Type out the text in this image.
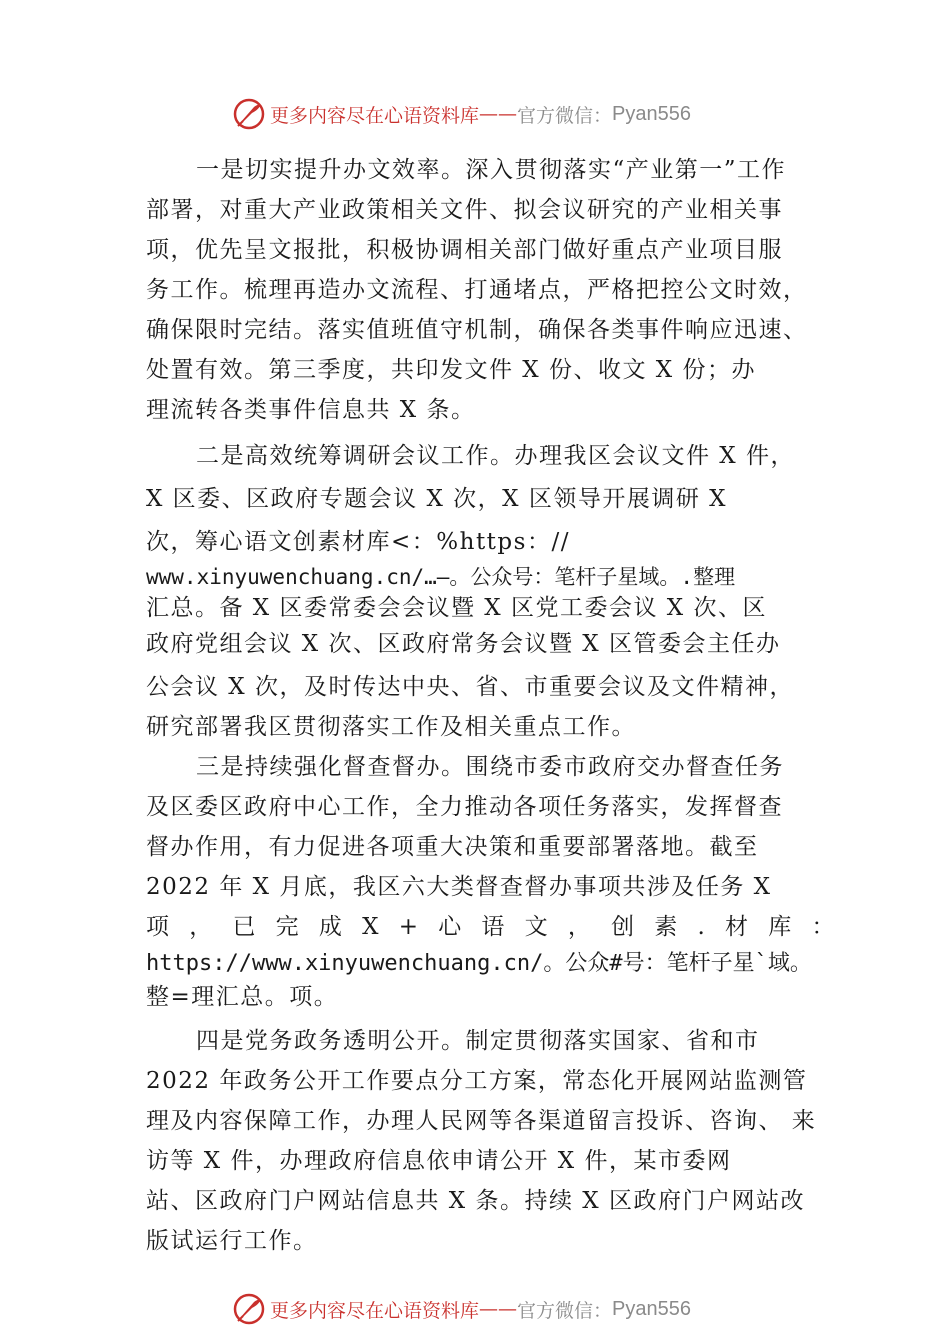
更多内容尽在心语资料库 —— 官方微信： Pyan556
一是切实提升办文效率。深入贯彻落实“产业第一”工作
部署，对重大产业政策相关文件、拟会议研究的产业相关事
项，优先呈文报批，积极协调相关部门做好重点产业项目服
务工作。梳理再造办文流程、打通堵点，严格把控公文时效，
确保限时完结。落实值班值守机制，确保各类事件响应迅速、
处置有效。第三季度，共印发文件 X 份、收文 X 份；办
理流转各类事件信息共 X 条。
二是高效统筹调研会议工作。办理我区会议文件 X 件，
X 区委、区政府专题会议 X 次，X 区领导开展调研 X
次，筹心语文创素材库<：%https：//
www.xinyuwenchuang.cn/…—。公众号：笔杆子星域。.整理
汇总。备 X 区委常委会会议暨 X 区党工委会议 X 次、区
政府党组会议 X 次、区政府常务会议暨 X 区管委会主任办
公会议 X 次，及时传达中央、省、市重要会议及文件精神，
研究部署我区贯彻落实工作及相关重点工作。
三是持续强化督查督办。围绕市委市政府交办督查任务
及区委区政府中心工作，全力推动各项任务落实，发挥督查
督办作用，有力促进各项重大决策和重要部署落地。截至
2022 年 X 月底，我区六大类督查督办事项共涉及任务 X
项 ， 已 完 成 X + 心 语 文 ， 创 素 . 材 库 ：
https://www.xinyuwenchuang.cn/。公众#号：笔杆子星`域。
整=理汇总。项。
四是党务政务透明公开。制定贯彻落实国家、省和市
2022 年政务公开工作要点分工方案，常态化开展网站监测管
理及内容保障工作，办理人民网等各渠道留言投诉、咨询、 来
访等 X 件，办理政府信息依申请公开 X 件，某市委网
站、区政府门户网站信息共 X 条。持续 X 区政府门户网站改
版试运行工作。
更多内容尽在心语资料库 —— 官方微信： Pyan556
